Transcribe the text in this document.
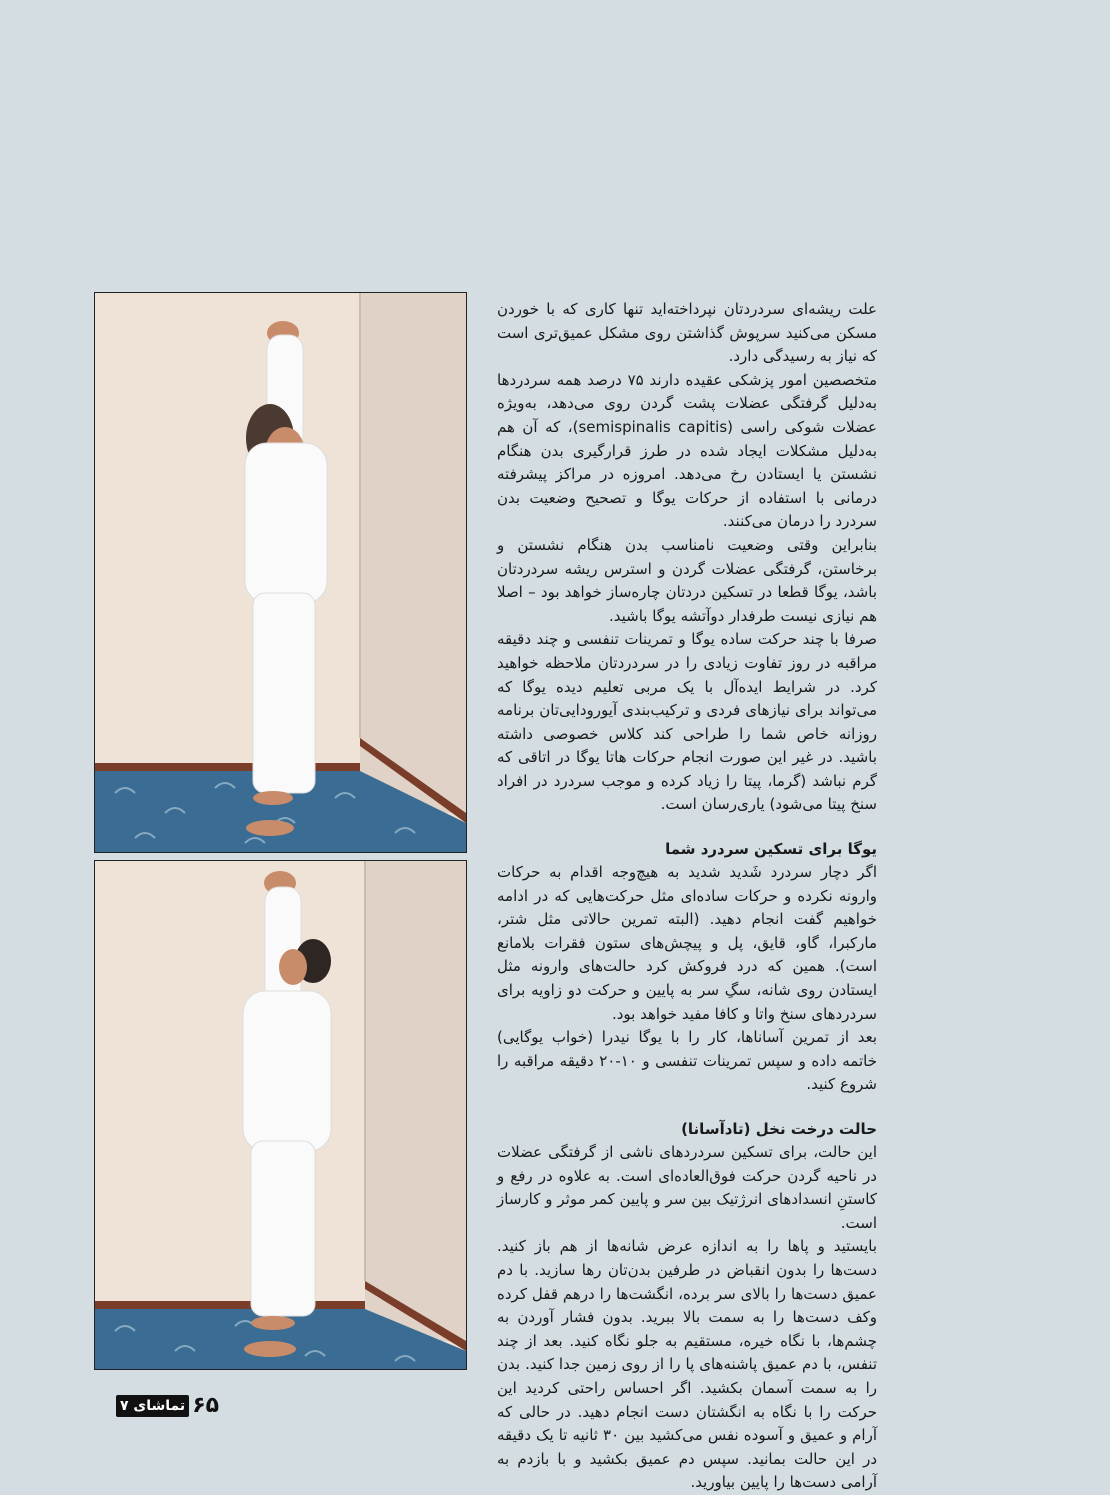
علت ریشه‌ای سردردتان نپرداخته‌اید تنها کاری که با خوردن مسکن می‌کنید سرپوش گذاشتن روی مشکل عمیق‌تری است که نیاز به رسیدگی دارد.

متخصصین امور پزشکی عقیده دارند ۷۵ درصد همه سردردها به‌دلیل گرفتگی عضلات پشت گردن روی می‌دهد، به‌ویژه عضلات شوکی راسی (semispinalis capitis)، که آن هم به‌دلیل مشکلات ایجاد شده در طرز قرارگیری بدن هنگام نشستن یا ایستادن رخ می‌دهد. امروزه در مراکز پیشرفته درمانی با استفاده از حرکات یوگا و تصحیح وضعیت بدن سردرد را درمان می‌کنند.

بنابراین وقتی وضعیت نامناسب بدن هنگام نشستن و برخاستن، گرفتگی عضلات گردن و استرس ریشه سردردتان باشد، یوگا قطعا در تسکین دردتان چاره‌ساز خواهد بود – اصلا هم نیازی نیست طرفدار دوآتشه یوگا باشید.

صرفا با چند حرکت ساده یوگا و تمرینات تنفسی و چند دقیقه مراقبه در روز تفاوت زیادی را در سردردتان ملاحظه خواهید کرد. در شرایط ایده‌آل با یک مربی تعلیم دیده یوگا که می‌تواند برای نیازهای فردی و ترکیب‌بندی آیورودایی‌تان برنامه روزانه خاص شما را طراحی کند کلاس خصوصی داشته باشید. در غیر این صورت انجام حرکات هاتا یوگا در اتاقی که گرم نباشد (گرما، پیتا را زیاد کرده و موجب سردرد در افراد سنخ پیتا می‌شود) یاری‌رسان است.

یوگا برای تسکین سردرد شما

اگر دچار سردرد شَدید شدید به هیچ‌وجه اقدام به حرکات وارونه نکرده و حرکات ساده‌ای مثل حرکت‌هایی که در ادامه خواهیم گفت انجام دهید. (البته تمرین حالاتی مثل شتر، مارکبرا، گاو، قایق، پل و پیچش‌های ستون فقرات بلامانع است). همین که درد فروکش کرد حالت‌های وارونه مثل ایستادن روی شانه، سگِ سر به پایین و حرکت دو زاویه برای سردردهای سنخ واتا و کافا مفید خواهد بود.

بعد از تمرین آساناها، کار را با یوگا نیدرا (خواب یوگایی) خاتمه داده و سپس تمرینات تنفسی و ۱۰-۲۰ دقیقه مراقبه را شروع کنید.

حالت درخت نخل (تادآسانا)

این حالت، برای تسکین سردردهای ناشی از گرفتگی عضلات در ناحیه گردن حرکت فوق‌العاده‌ای است. به علاوه در رفع و کاستنِ انسدادهای انرژتیک بین سر و پایین کمر موثر و کارساز است.

بایستید و پاها را به اندازه عرض شانه‌ها از هم باز کنید. دست‌ها را بدون انقباض در طرفین بدن‌تان رها سازید. با دم عمیق دست‌ها را بالای سر برده، انگشت‌ها را درهم قفل کرده وکف دست‌ها را به سمت بالا ببرید. بدون فشار آوردن به چشم‌ها، با نگاه خیره، مستقیم به جلو نگاه کنید. بعد از چند تنفس، با دم عمیق پاشنه‌های پا را از روی زمین جدا کنید. بدن را به سمت آسمان بکشید. اگر احساس راحتی کردید این حرکت را با نگاه به انگشتان دست انجام دهید. در حالی که آرام و عمیق و آسوده نفس می‌کشید بین ۳۰ ثانیه تا یک دقیقه در این حالت بمانید. سپس دم عمیق بکشید و با بازدم به آرامی دست‌ها را پایین بیاورید.

تماشای ۷ ۶۵
